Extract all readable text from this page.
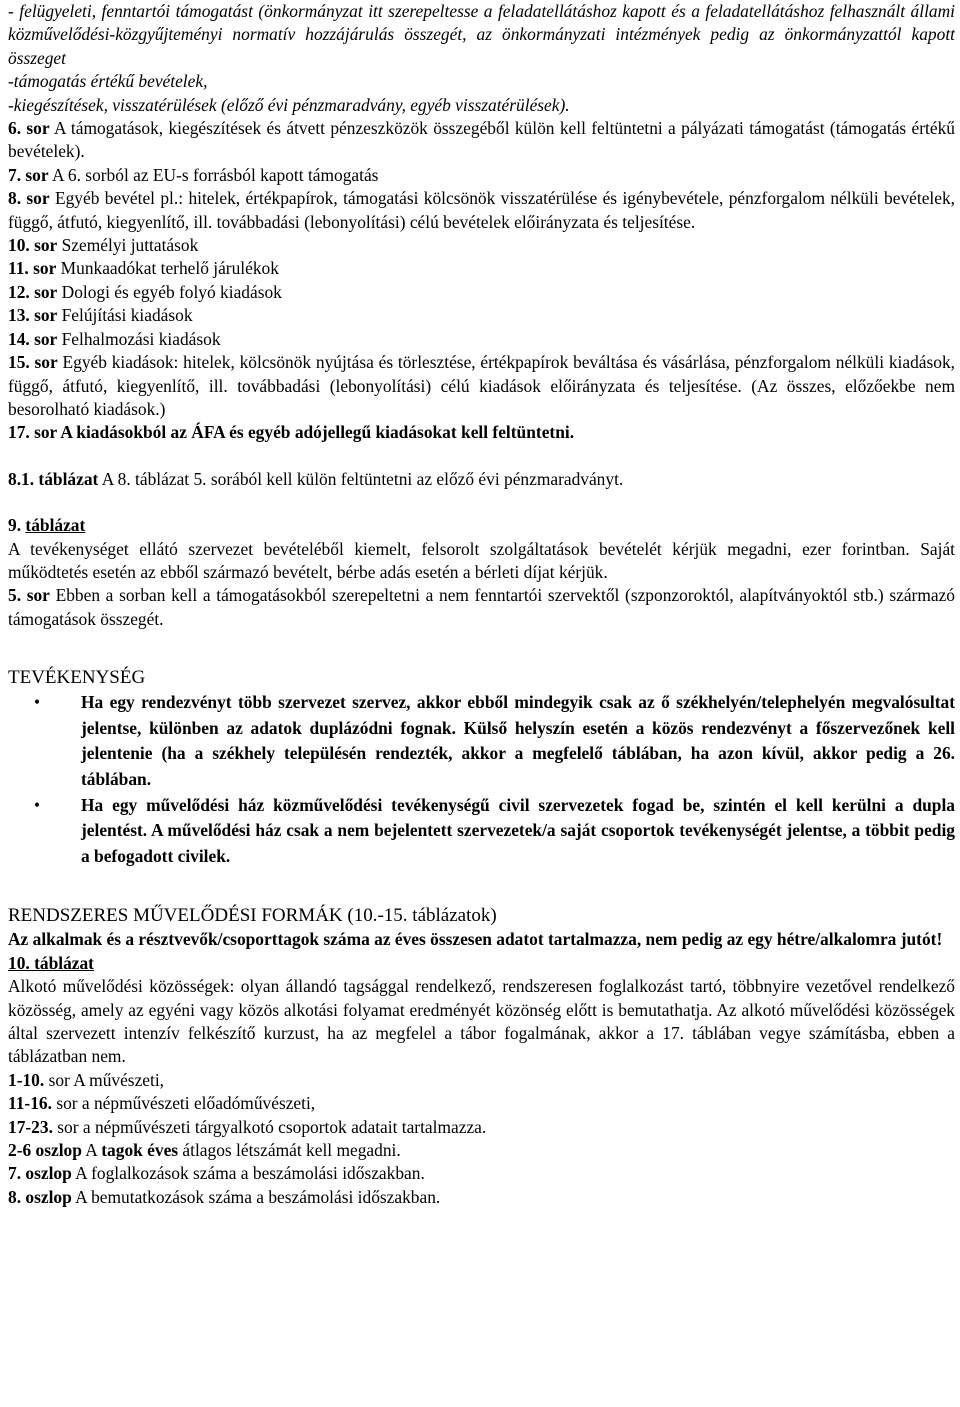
- felügyeleti, fenntartói támogatást (önkormányzat itt szerepeltesse a feladatellátáshoz kapott és a feladatellátáshoz felhasznált állami közművelődési-közgyűjteményi normatív hozzájárulás összegét, az önkormányzati intézmények pedig az önkormányzattól kapott összeget

-támogatás értékű bevételek,

-kiegészítések, visszatérülések (előző évi pénzmaradvány, egyéb visszatérülések).

6. sor A támogatások, kiegészítések és átvett pénzeszközök összegéből külön kell feltüntetni a pályázati támogatást (támogatás értékű bevételek).

7. sor A 6. sorból az EU-s forrásból kapott támogatás

8. sor Egyéb bevétel pl.: hitelek, értékpapírok, támogatási kölcsönök visszatérülése és igénybevétele, pénzforgalom nélküli bevételek, függő, átfutó, kiegyenlítő, ill. továbbadási (lebonyolítási) célú bevételek előirányzata és teljesítése.

10. sor Személyi juttatások

11. sor Munkaadókat terhelő járulékok

12. sor Dologi és egyéb folyó kiadások

13. sor Felújítási kiadások

14. sor Felhalmozási kiadások

15. sor Egyéb kiadások: hitelek, kölcsönök nyújtása és törlesztése, értékpapírok beváltása és vásárlása, pénzforgalom nélküli kiadások, függő, átfutó, kiegyenlítő, ill. továbbadási (lebonyolítási) célú kiadások előirányzata és teljesítése. (Az összes, előzőekbe nem besorolható kiadások.)

17. sor A kiadásokból az ÁFA és egyéb adójellegű kiadásokat kell feltüntetni.

8.1. táblázat A 8. táblázat 5. sorából kell külön feltüntetni az előző évi pénzmaradványt.

9. táblázat

A tevékenységet ellátó szervezet bevételéből kiemelt, felsorolt szolgáltatások bevételét kérjük megadni, ezer forintban. Saját működtetés esetén az ebből származó bevételt, bérbe adás esetén a bérleti díjat kérjük.

5. sor Ebben a sorban kell a támogatásokból szerepeltetni a nem fenntartói szervektől (szponzoroktól, alapítványoktól stb.) származó támogatások összegét.

TEVÉKENYSÉG

• Ha egy rendezvényt több szervezet szervez, akkor ebből mindegyik csak az ő székhelyén/telephelyén megvalósultat jelentse, különben az adatok duplázódni fognak. Külső helyszín esetén a közös rendezvényt a főszervezőnek kell jelentenie (ha a székhely településén rendezték, akkor a megfelelő táblában, ha azon kívül, akkor pedig a 26. táblában.
• Ha egy művelődési ház közművelődési tevékenységű civil szervezetek fogad be, szintén el kell kerülni a dupla jelentést. A művelődési ház csak a nem bejelentett szervezetek/a saját csoportok tevékenységét jelentse, a többit pedig a befogadott civilek.

RENDSZERES MŰVELŐDÉSI FORMÁK (10.-15. táblázatok)

Az alkalmak és a résztvevők/csoporttagok száma az éves összesen adatot tartalmazza, nem pedig az egy hétre/alkalomra jutót!

10. táblázat

Alkotó művelődési közösségek: olyan állandó tagsággal rendelkező, rendszeresen foglalkozást tartó, többnyire vezetővel rendelkező közösség, amely az egyéni vagy közös alkotási folyamat eredményét közönség előtt is bemutathatja. Az alkotó művelődési közösségek által szervezett intenzív felkészítő kurzust, ha az megfelel a tábor fogalmának, akkor a 17. táblában vegye számításba, ebben a táblázatban nem.

1-10. sor A művészeti,

11-16. sor a népművészeti előadóművészeti,

17-23. sor a népművészeti tárgyalkotó csoportok adatait tartalmazza.

2-6 oszlop A tagok éves átlagos létszámát kell megadni.

7. oszlop A foglalkozások száma a beszámolási időszakban.

8. oszlop A bemutatkozások száma a beszámolási időszakban.
